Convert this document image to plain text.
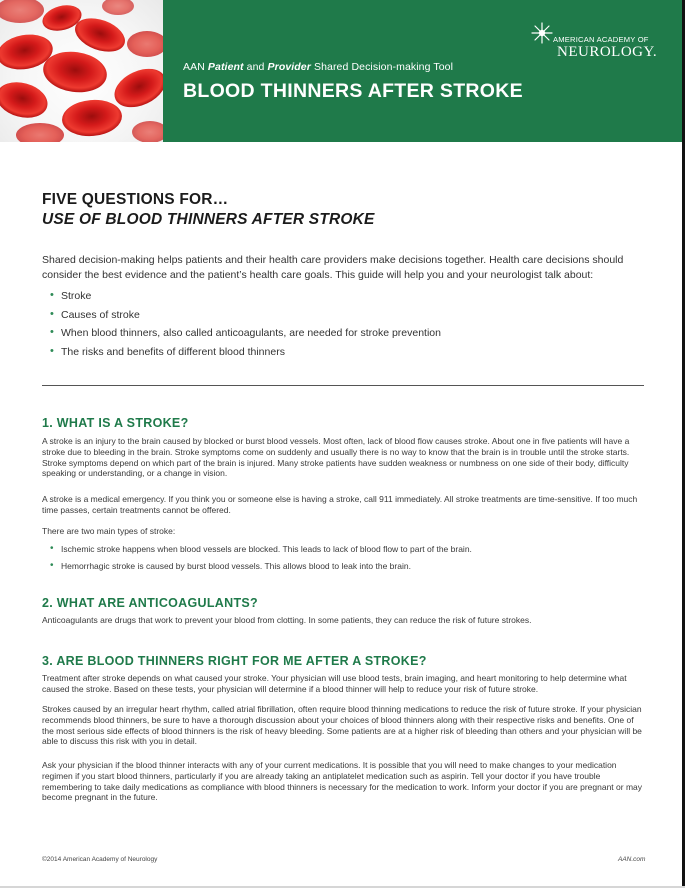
AMERICAN ACADEMY OF
NEUROLOGY.
AAN Patient and Provider Shared Decision-making Tool
BLOOD THINNERS AFTER STROKE
FIVE QUESTIONS FOR…
USE OF BLOOD THINNERS AFTER STROKE
Shared decision-making helps patients and their health care providers make decisions together. Health care decisions should consider the best evidence and the patient’s health care goals. This guide will help you and your neurologist talk about:
• Stroke
• Causes of stroke
• When blood thinners, also called anticoagulants, are needed for stroke prevention
• The risks and benefits of different blood thinners
1. WHAT IS A STROKE?

A stroke is an injury to the brain caused by blocked or burst blood vessels. Most often, lack of blood flow causes stroke. About one in five patients will have a stroke due to bleeding in the brain. Stroke symptoms come on suddenly and usually there is no way to know that the brain is in trouble until the stroke starts. Stroke symptoms depend on which part of the brain is injured. Many stroke patients have sudden weakness or numbness on one side of their body, difficulty speaking or understanding, or a change in vision.

A stroke is a medical emergency. If you think you or someone else is having a stroke, call 911 immediately. All stroke treatments are time-sensitive. If too much time passes, certain treatments cannot be offered.

There are two main types of stroke:

• Ischemic stroke happens when blood vessels are blocked. This leads to lack of blood flow to part of the brain.
• Hemorrhagic stroke is caused by burst blood vessels. This allows blood to leak into the brain.
2. WHAT ARE ANTICOAGULANTS?

Anticoagulants are drugs that work to prevent your blood from clotting. In some patients, they can reduce the risk of future strokes.

3. ARE BLOOD THINNERS RIGHT FOR ME AFTER A STROKE?

Treatment after stroke depends on what caused your stroke. Your physician will use blood tests, brain imaging, and heart monitoring to help determine what caused the stroke. Based on these tests, your physician will determine if a blood thinner will help to reduce your risk of future stroke.

Strokes caused by an irregular heart rhythm, called atrial fibrillation, often require blood thinning medications to reduce the risk of future stroke. If your physician recommends blood thinners, be sure to have a thorough discussion about your choices of blood thinners along with their respective risks and benefits. One of the most serious side effects of blood thinners is the risk of heavy bleeding. Some patients are at a higher risk of bleeding than others and your physician will be able to discuss this risk with you in detail.

Ask your physician if the blood thinner interacts with any of your current medications. It is possible that you will need to make changes to your medication regimen if you start blood thinners, particularly if you are already taking an antiplatelet medication such as aspirin. Tell your doctor if you have trouble remembering to take daily medications as compliance with blood thinners is necessary for the medication to work. Inform your doctor if you are pregnant or may become pregnant in the future.

©2014 American Academy of Neurology	AAN.com
